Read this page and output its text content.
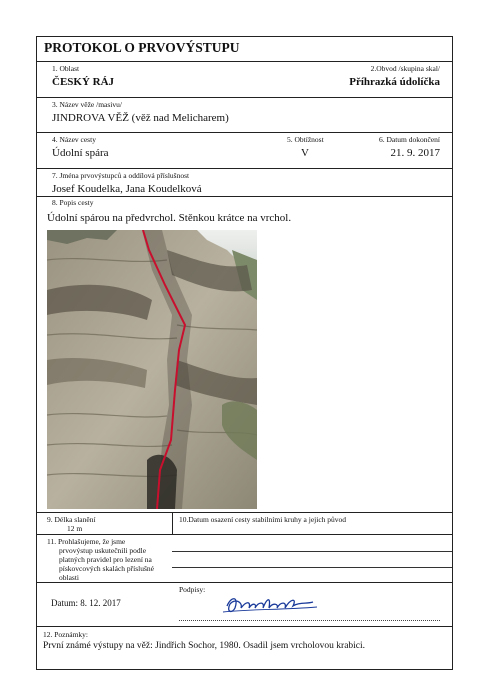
PROTOKOL O PRVOVÝSTUPU
1. Oblast
ČESKÝ RÁJ
2.Obvod /skupina skal/
Příhrazká údolíčka
3. Název věže /masivu/
JINDROVA VĚŽ (věž nad Melicharem)
4. Název cesty
Údolní spára
5. Obtížnost
V
6. Datum dokončení
21. 9. 2017
7. Jména prvovýstupců a oddílová příslušnost
Josef Koudelka, Jana Koudelková
8. Popis cesty
Údolní spárou na předvrchol. Stěnkou krátce na vrchol.
9. Délka slanění
12 m
10.Datum osazení cesty stabilními kruhy a jejich původ
11. Prohlašujeme, že jsme
prvovýstup uskutečnili podle
platných pravidel pro lezení na
pískovcových skalách příslušné
oblasti
Datum: 8. 12. 2017
Podpisy:
12. Poznámky:
První známé výstupy na věž: Jindřich Sochor, 1980. Osadil jsem vrcholovou krabici.
